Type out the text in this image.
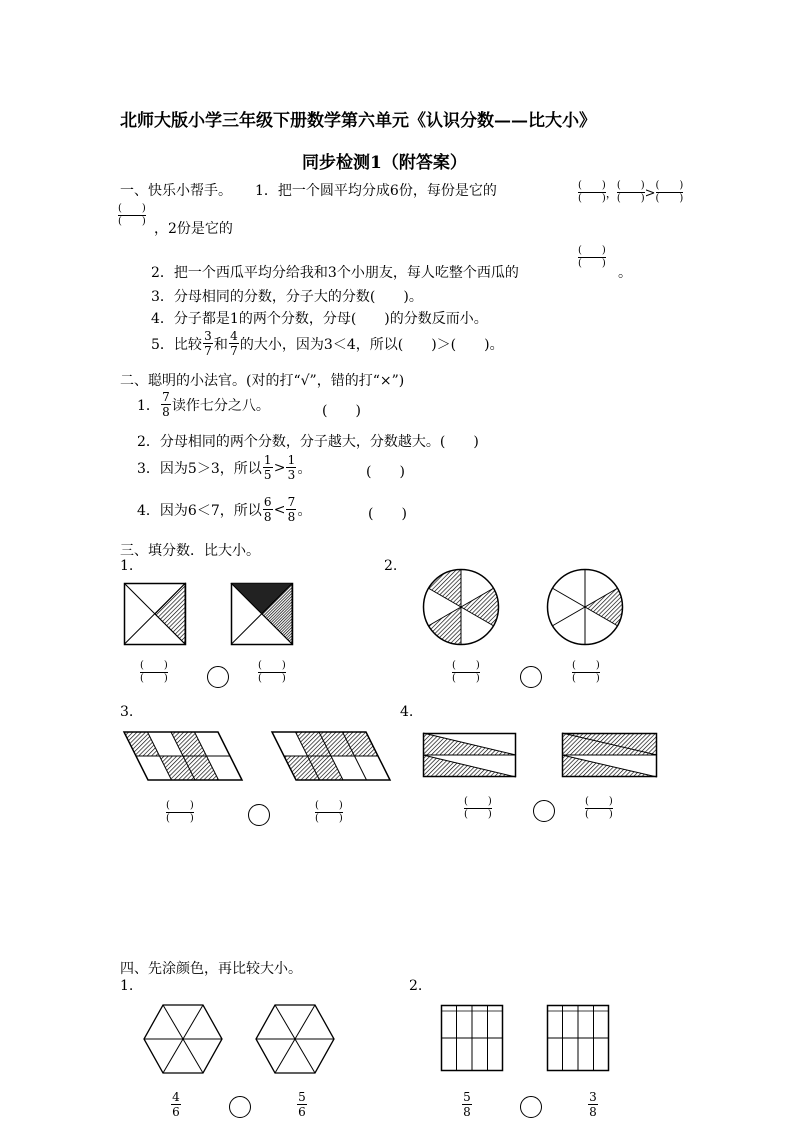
北师大版小学三年级下册数学第六单元《认识分数——比大小》
同步检测1（附答案）
一、快乐小帮手。 1．把一个圆平均分成6份，每份是它的	(　　)
(　　) ，
(　　)
(　　) >
(　　)
(　　)
(　　)
(　　) ，2份是它的
2．把一个西瓜平均分给我和3个小朋友，每人吃整个西瓜的
(　　)
(　　)
。
3．分母相同的分数，分子大的分数(　　)。
4．分子都是1的两个分数，分母(　　)的分数反而小。
5．比较 $\frac{3}{7}$ 和 $\frac{4}{7}$ 的大小，因为3＜4，所以(　　)＞(　　)。
二、聪明的小法官。(对的打“√”，错的打“×”)
1． $\frac{7}{8}$ 读作七分之八。	(　　)
2．分母相同的两个分数，分子越大，分数越大。(　　)
3．因为5＞3，所以 $\frac{1}{5} > \frac{1}{3}$ 。	(　　)
4．因为6＜7，所以 $\frac{6}{8} < \frac{7}{8}$ 。	(　　)
三、填分数．比大小。
1.	2.
3.	4.
(　　)
(　　)
(　　)
(　　)
(　　)
(　　)
(　　)
(　　)
(　　)
(　　)
(　　)
(　　)
(　　)
(　　)
(　　)
(　　)
四、先涂颜色，再比较大小。
1.	2.
$\frac{4}{6}$	$\frac{5}{6}$	$\frac{5}{8}$	$\frac{3}{8}$
